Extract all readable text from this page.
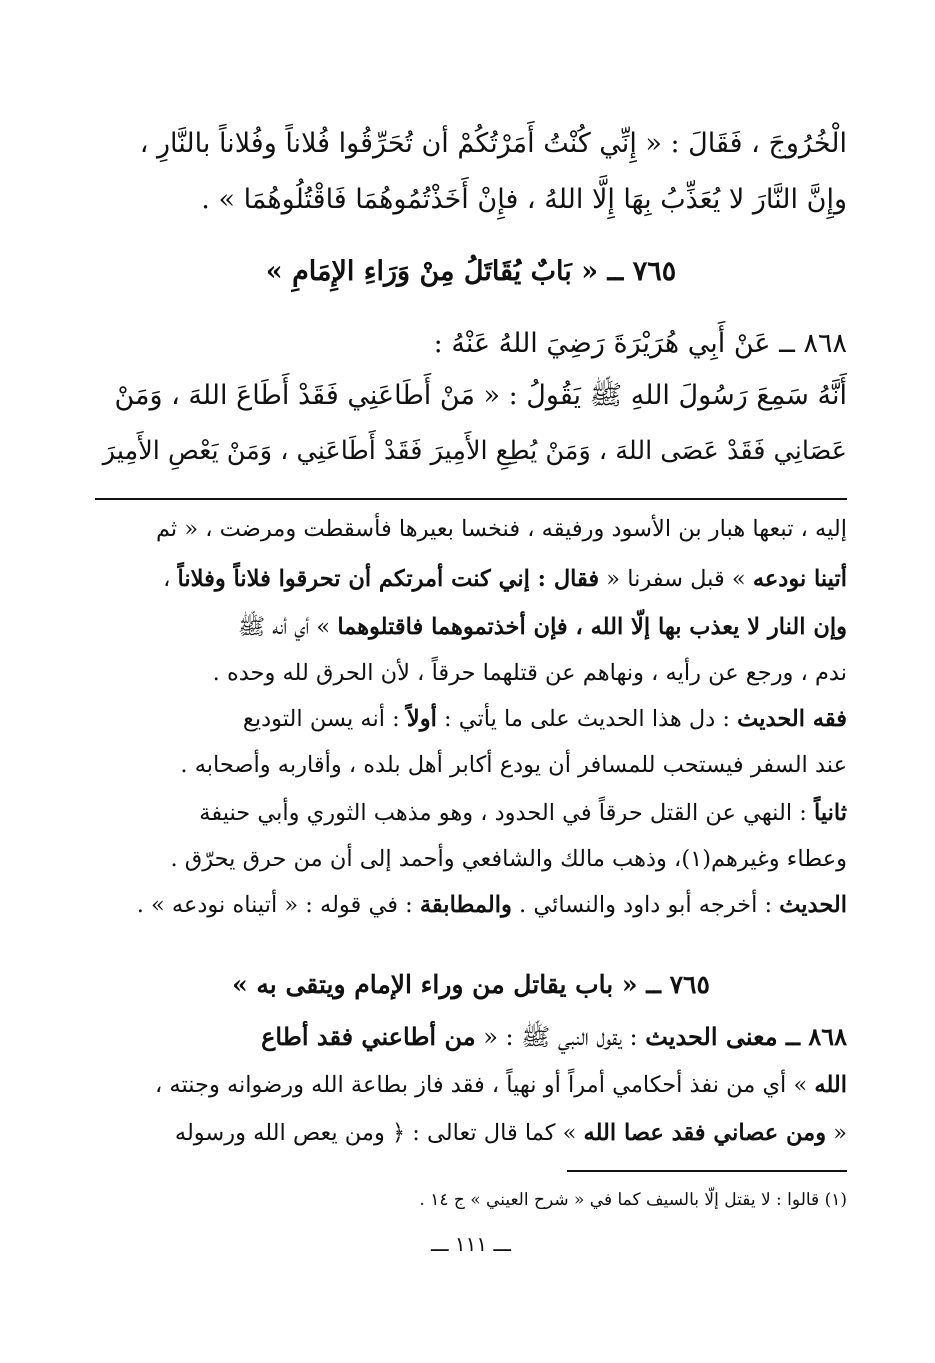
الْخُرُوجَ ، فَقَالَ : « إِنِّي كُنْتُ أَمَرْتُكُمْ أن تُحَرِّقُوا فُلاناً وفُلاناً بالنَّارِ ،
وإِنَّ النَّارَ لا يُعَذِّبُ بِهَا إِلَّا اللهُ ، فإِنْ أَخَذْتُمُوهُمَا فَاقْتُلُوهُمَا » .
٧٦٥ ــ « بَابٌ يُقَاتَلُ مِنْ وَرَاءِ الإِمَامِ »
٨٦٨ ــ عَنْ أَبِي هُرَيْرَةَ رَضِيَ اللهُ عَنْهُ :
أَنَّهُ سَمِعَ رَسُولَ اللهِ ﷺ يَقُولُ : « مَنْ أَطَاعَنِي فَقَدْ أَطَاعَ اللهَ ، وَمَنْ
عَصَانِي فَقَدْ عَصَى اللهَ ، وَمَنْ يُطِعِ الأَمِيرَ فَقَدْ أَطَاعَنِي ، وَمَنْ يَعْصِ الأَمِيرَ
إليه ، تبعها هبار بن الأسود ورفيقه ، فنخسا بعيرها فأسقطت ومرضت ، « ثم
أتينا نودعه » قبل سفرنا « فقال : إني كنت أمرتكم أن تحرقوا فلاناً وفلاناً ،
وإن النار لا يعذب بها إلّا الله ، فإن أخذتموهما فاقتلوهما » أي أنه ﷺ
ندم ، ورجع عن رأيه ، ونهاهم عن قتلهما حرقاً ، لأن الحرق لله وحده .
فقه الحديث : دل هذا الحديث على ما يأتي : أولاً : أنه يسن التوديع
عند السفر فيستحب للمسافر أن يودع أكابر أهل بلده ، وأقاربه وأصحابه .
ثانياً : النهي عن القتل حرقاً في الحدود ، وهو مذهب الثوري وأبي حنيفة
وعطاء وغيرهم(١)، وذهب مالك والشافعي وأحمد إلى أن من حرق يحرّق .
الحديث : أخرجه أبو داود والنسائي . والمطابقة : في قوله : « أتيناه نودعه » .
٧٦٥ ــ « باب يقاتل من وراء الإمام ويتقى به »
٨٦٨ ــ معنى الحديث : يقول النبي ﷺ : « من أطاعني فقد أطاع
الله » أي من نفذ أحكامي أمراً أو نهياً ، فقد فاز بطاعة الله ورضوانه وجنته ،
« ومن عصاني فقد عصا الله » كما قال تعالى : ﴿ ومن يعص الله ورسوله
(١) قالوا : لا يقتل إلّا بالسيف كما في « شرح العيني » ج ١٤ .
ـــ ١١١ ـــ
